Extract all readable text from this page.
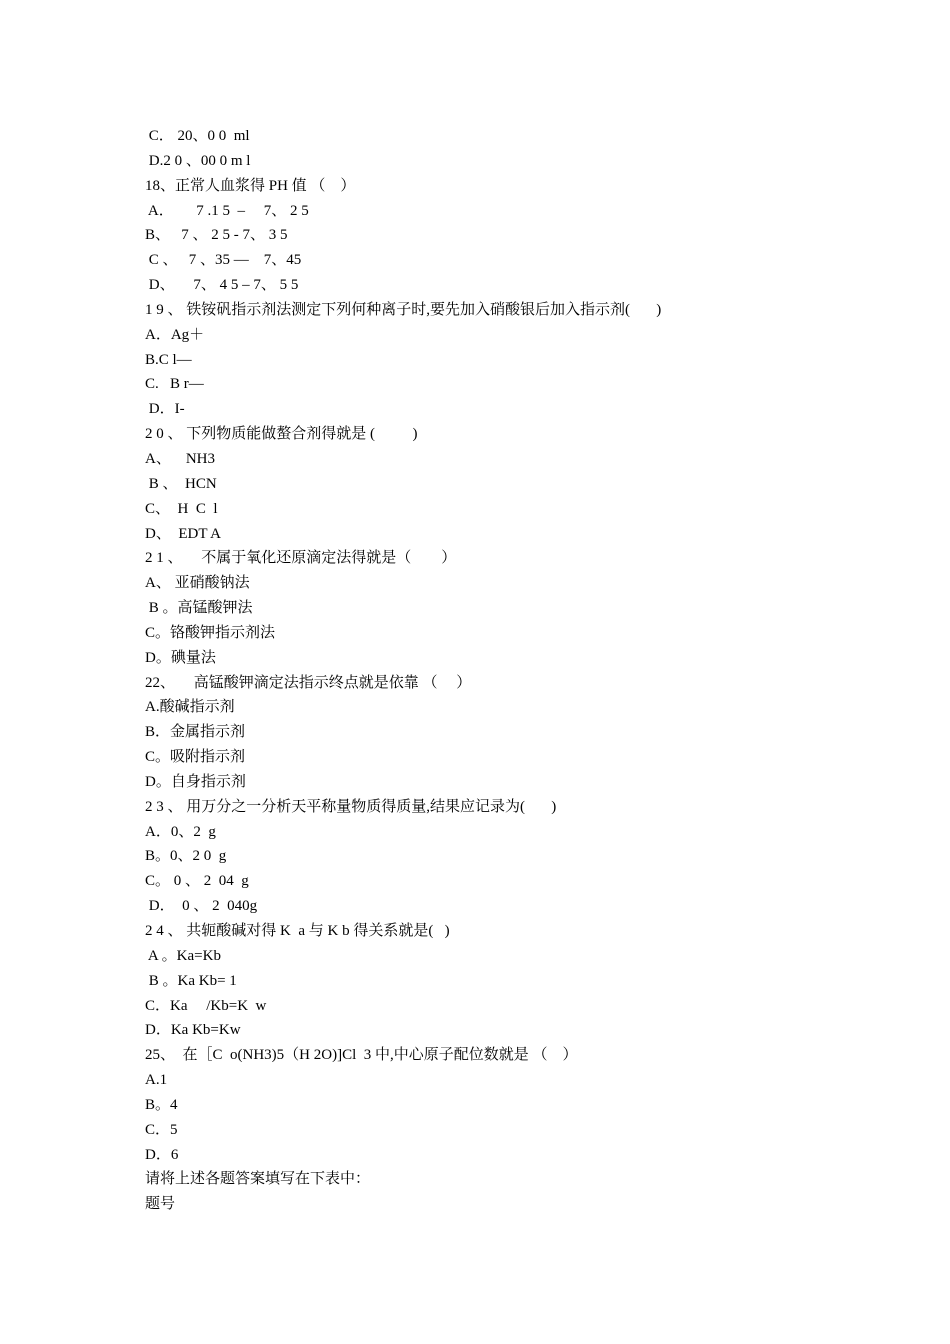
C． 20、0 0  ml
D.2 0 、00 0 m l
18、正常人血浆得 PH 值 （    ）
A．      7 .1 5  –     7、 2 5
B、   7 、 2 5 - 7、 3 5
C 、   7 、35 —    7、45
D、     7、 4 5 – 7、 5 5
1 9 、 铁铵矾指示剂法测定下列何种离子时,要先加入硝酸银后加入指示剂(       )
A．Ag＋
B.C l—
C.   B r—
D．I-
2 0 、 下列物质能做螯合剂得就是 (          )
A、    NH3
B 、  HCN
C、  H  C  l
D、  EDT A
2 1 、     不属于氧化还原滴定法得就是（        ）
A、 亚硝酸钠法
B 。高锰酸钾法
C。铬酸钾指示剂法
D。碘量法
22、     高锰酸钾滴定法指示终点就是依靠 （     ）
A.酸碱指示剂
B．金属指示剂
C。吸附指示剂
D。自身指示剂
2 3 、 用万分之一分析天平称量物质得质量,结果应记录为(       )
A．0、2  g
B。0、2 0  g
C。 0 、 2  04  g
D．  0 、 2  040g
2 4 、 共轭酸碱对得 K  a 与 K b 得关系就是(   )
A 。Ka=Kb
B 。Ka Kb= 1
C．Ka     /Kb=K  w
D．Ka Kb=Kw
25、  在［C  o(NH3)5（H 2O)]Cl  3 中,中心原子配位数就是 （    ）
A.1
B。4
C．5
D．6
请将上述各题答案填写在下表中：
题号
